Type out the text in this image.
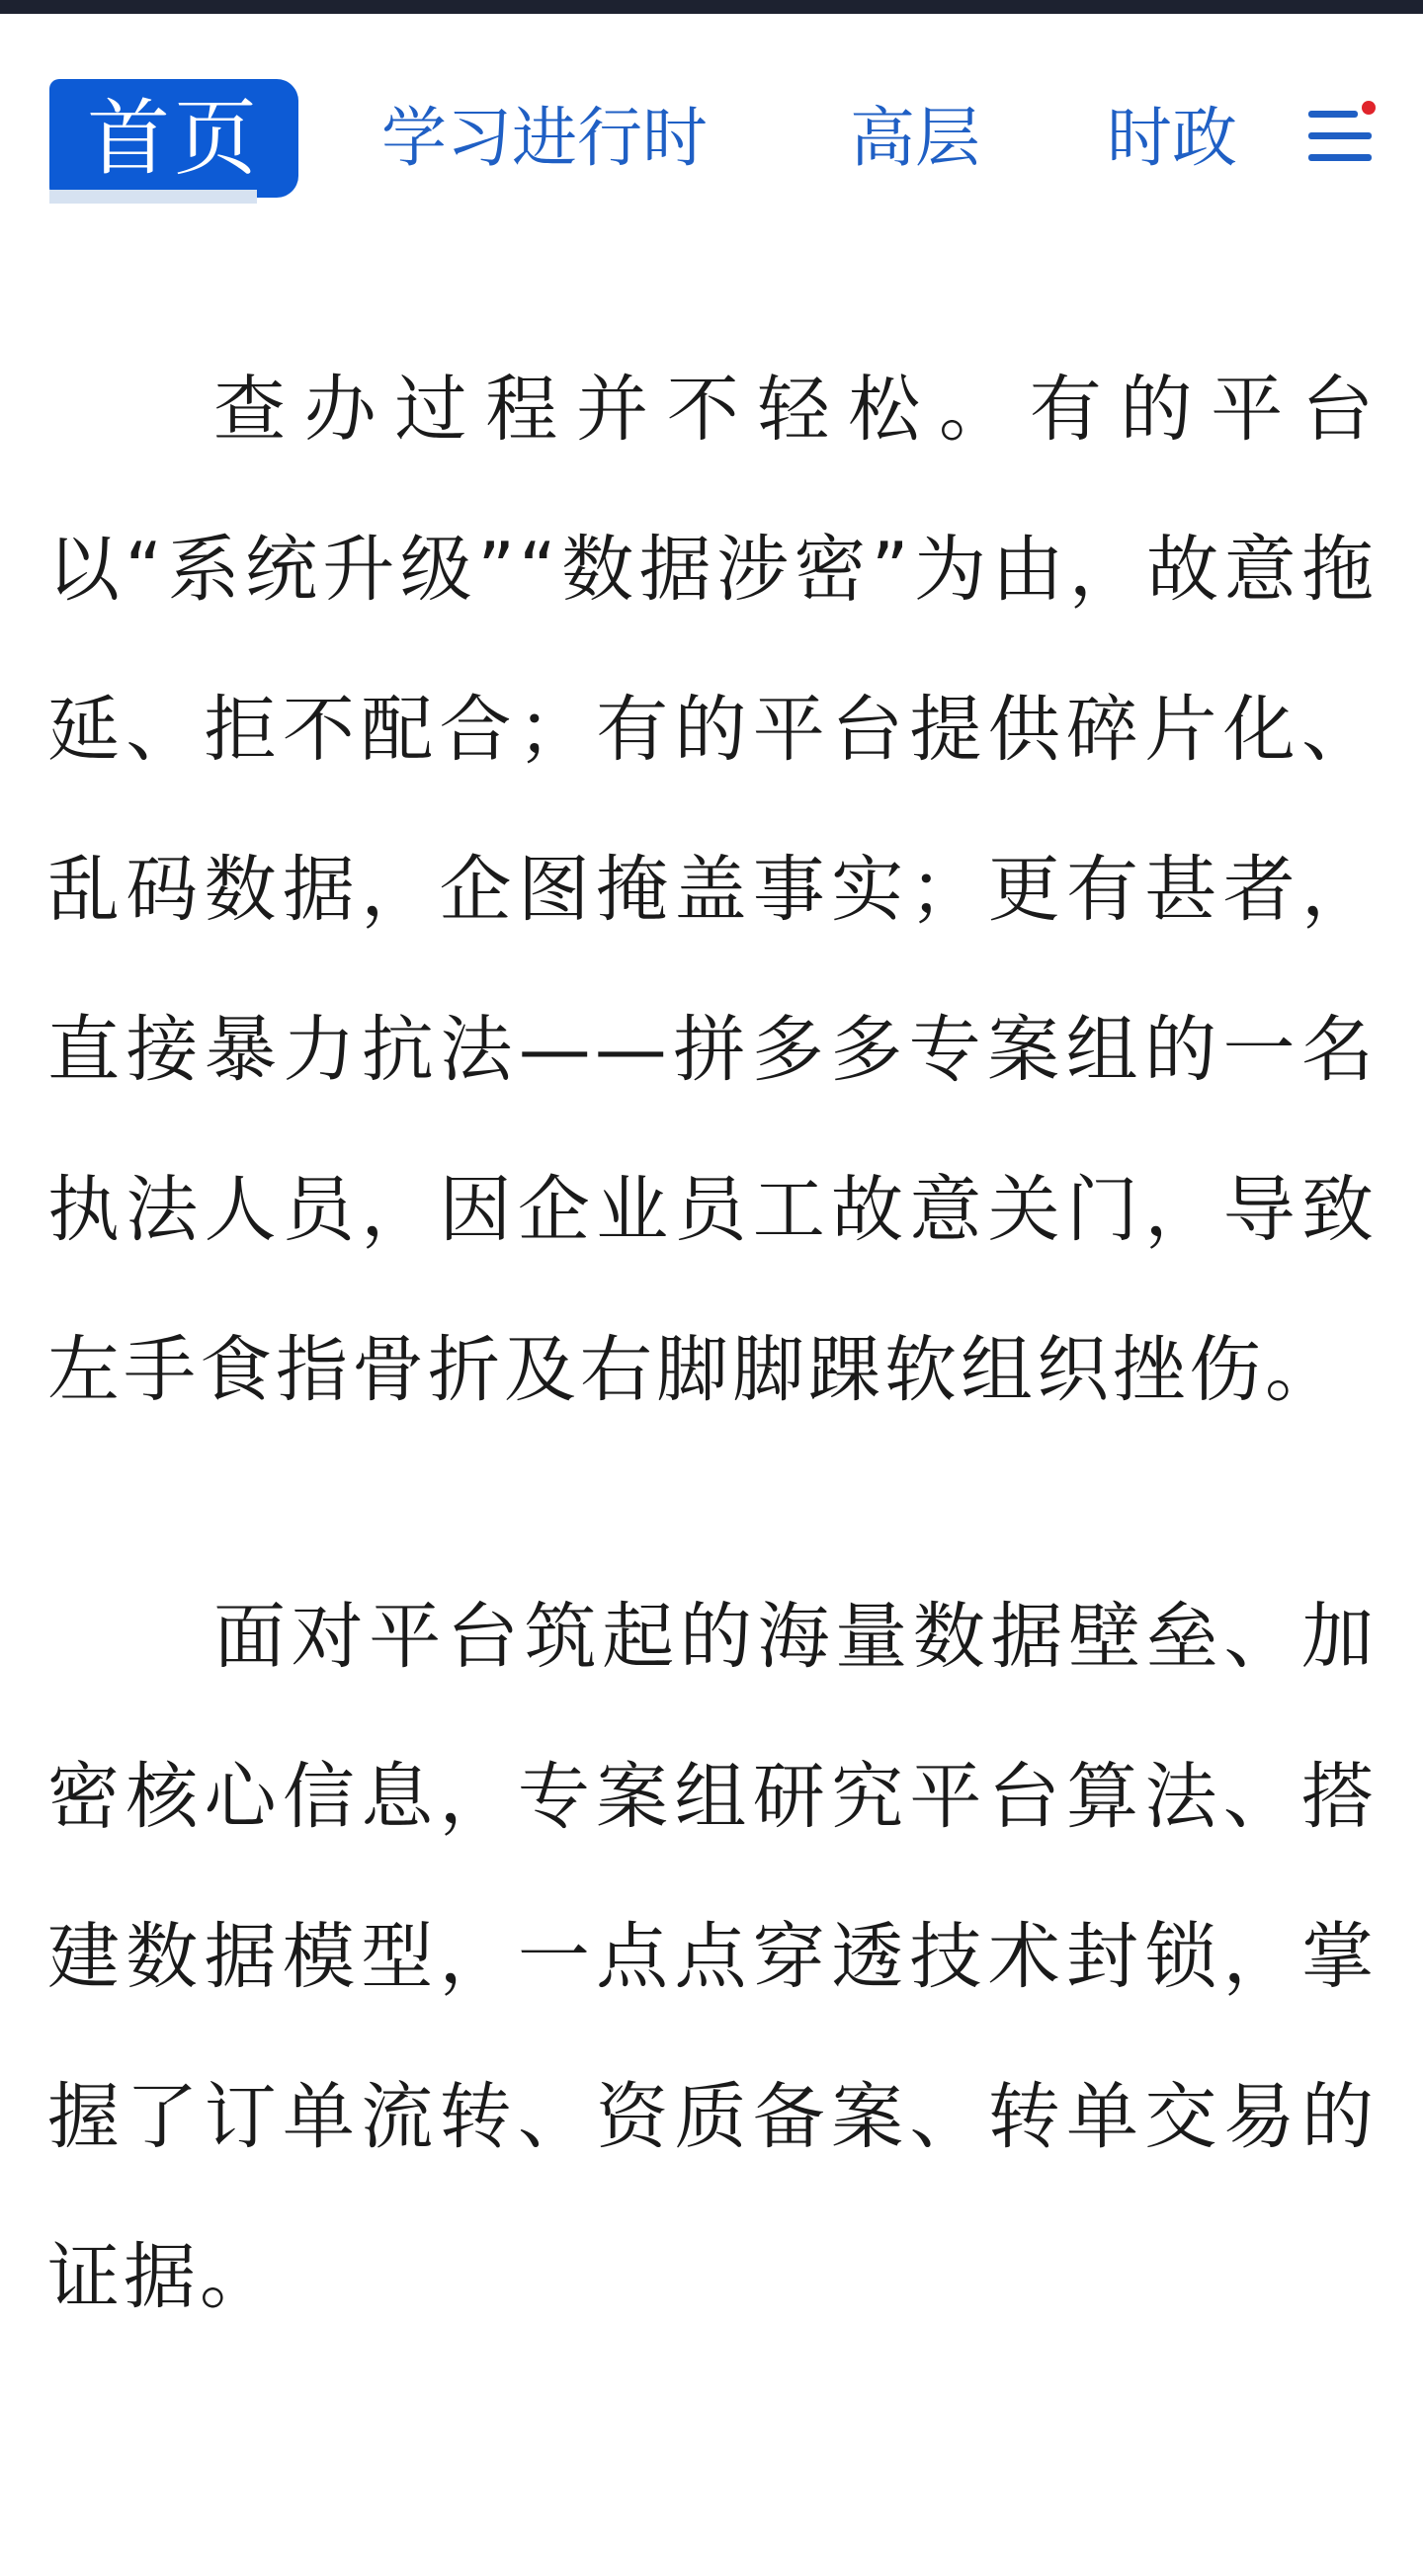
首页	学习进行时 高层 时政

查办过程并不轻松。有的平台以“系统升级”“数据涉密”为由，故意拖延、拒不配合；有的平台提供碎片化、乱码数据，企图掩盖事实；更有甚者，直接暴力抗法——拼多多专案组的一名执法人员，因企业员工故意关门，导致左手食指骨折及右脚脚踝软组织挫伤。

面对平台筑起的海量数据壁垒、加密核心信息，专案组研究平台算法、搭建数据模型，一点点穿透技术封锁，掌握了订单流转、资质备案、转单交易的证据。
